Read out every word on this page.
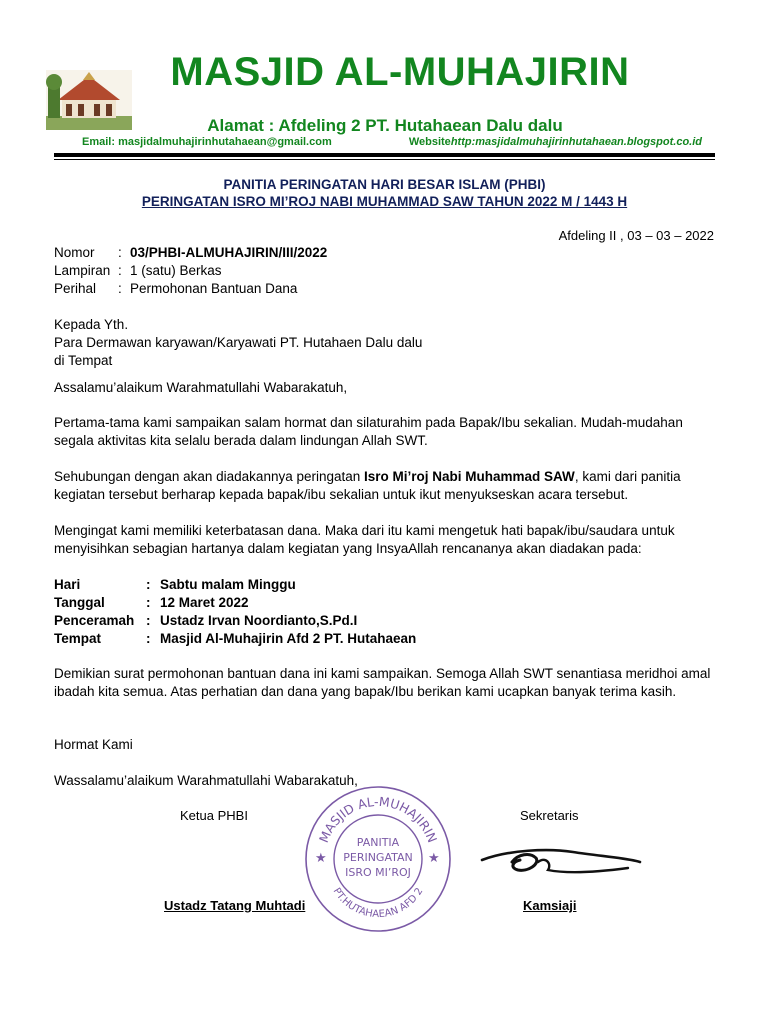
MASJID AL-MUHAJIRIN
Alamat : Afdeling 2 PT. Hutahaean Dalu dalu
Email: masjidalmuhajirinhutahaean@gmail.com	Websitehttp:masjidalmuhajirinhutahaean.blogspot.co.id
PANITIA PERINGATAN HARI BESAR ISLAM (PHBI)
PERINGATAN ISRO MI’ROJ NABI MUHAMMAD SAW TAHUN 2022 M / 1443 H
Afdeling II , 03 – 03 – 2022
Nomor	: 03/PHBI-ALMUHAJIRIN/III/2022
Lampiran : 1 (satu) Berkas
Perihal	: Permohonan Bantuan Dana
Kepada Yth.
Para Dermawan karyawan/Karyawati PT. Hutahaen Dalu dalu
di Tempat
Assalamu’alaikum Warahmatullahi Wabarakatuh,
Pertama-tama kami sampaikan salam hormat dan silaturahim pada Bapak/Ibu sekalian. Mudah-mudahan segala aktivitas kita selalu berada dalam lindungan Allah SWT.
Sehubungan dengan akan diadakannya peringatan Isro Mi’roj Nabi Muhammad SAW, kami dari panitia kegiatan tersebut berharap kepada bapak/ibu sekalian untuk ikut menyukseskan acara tersebut.
Mengingat kami memiliki keterbatasan dana. Maka dari itu kami mengetuk hati bapak/ibu/saudara untuk menyisihkan sebagian hartanya dalam kegiatan yang InsyaAllah rencananya akan diadakan pada:
Hari	: Sabtu malam Minggu
Tanggal	: 12 Maret 2022
Penceramah : Ustadz Irvan Noordianto,S.Pd.I
Tempat	: Masjid Al-Muhajirin Afd 2 PT. Hutahaean
Demikian surat permohonan bantuan dana ini kami sampaikan. Semoga Allah SWT senantiasa meridhoi amal ibadah kita semua. Atas perhatian dan dana yang bapak/Ibu berikan kami ucapkan banyak terima kasih.
Hormat Kami
Wassalamu’alaikum Warahmatullahi Wabarakatuh,
Ketua PHBI	Sekretaris
MASJID AL-MUHAJIRIN
PT.HUTAHAEAN AFD 2
★	★
PANITIA
PERINGATAN
ISRO MI’ROJ
Ustadz Tatang Muhtadi	Kamsiaji
